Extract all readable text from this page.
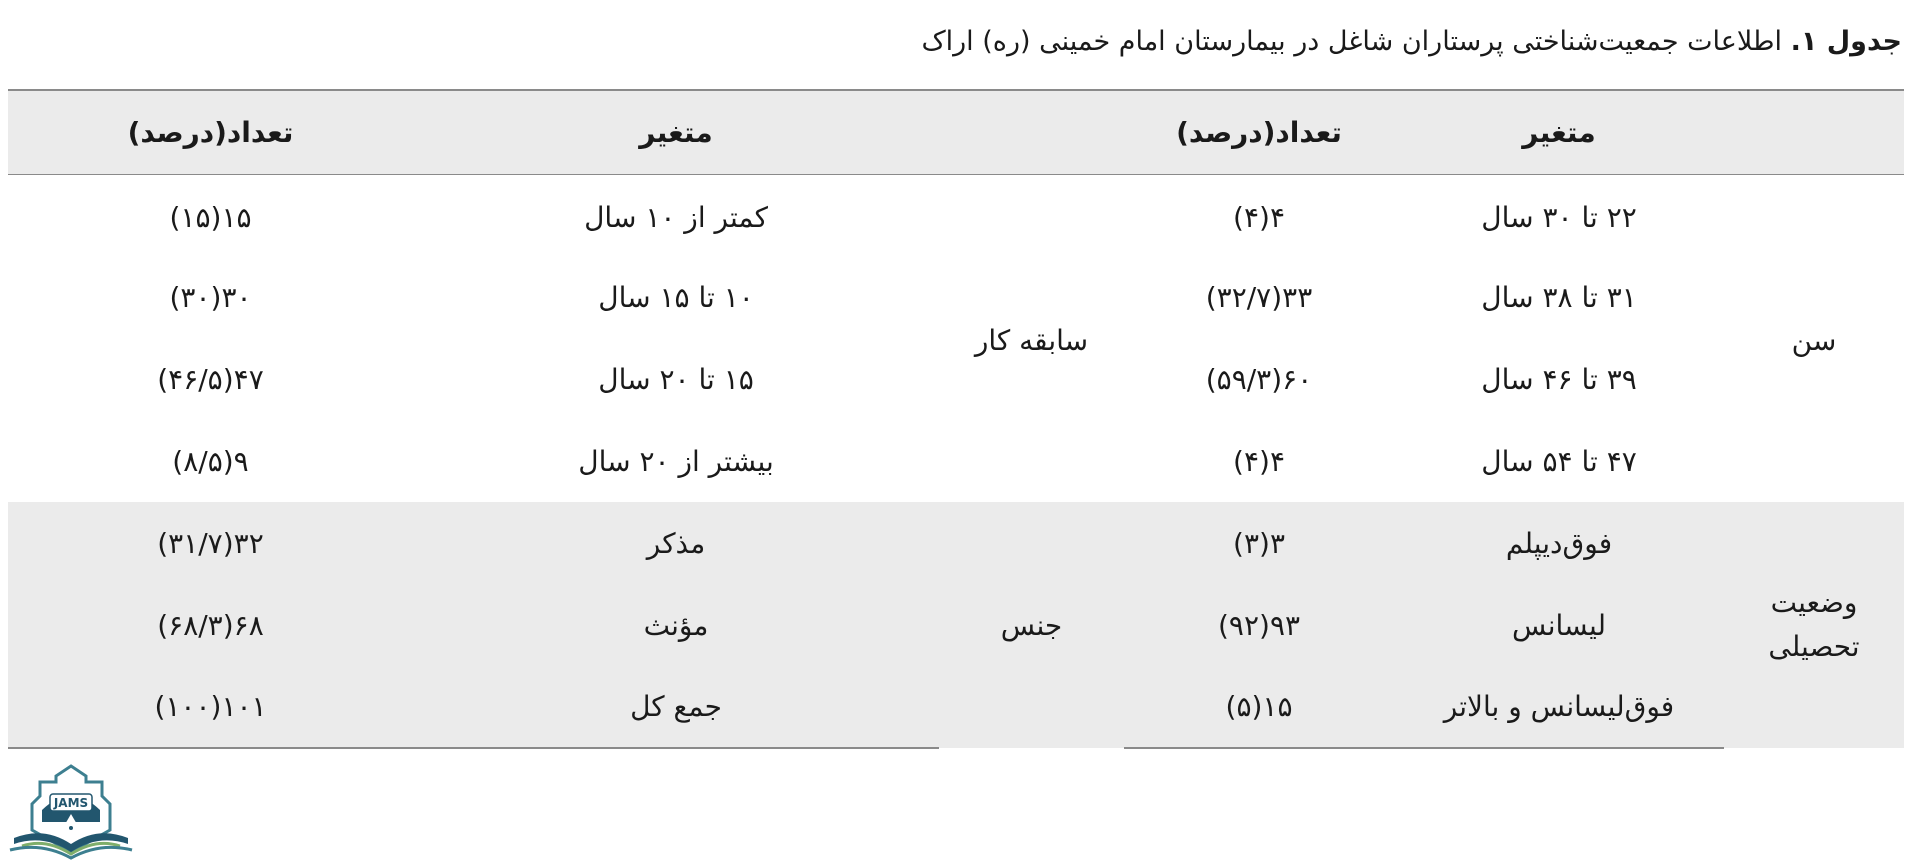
جدول ۱. اطلاعات جمعیت‌شناختی پرستاران شاغل در بیمارستان امام خمینی (ره) اراک
	متغیر	تعداد(درصد)		متغیر	تعداد(درصد)
سن	۲۲ تا ۳۰ سال	۴(۴)	سابقه کار	کمتر از ۱۰ سال	۱۵(۱۵)
	۳۱ تا ۳۸ سال	۳۳(۳۲/۷)		۱۰ تا ۱۵ سال	۳۰(۳۰)
	۳۹ تا ۴۶ سال	۶۰(۵۹/۳)		۱۵ تا ۲۰ سال	۴۷(۴۶/۵)
	۴۷ تا ۵۴ سال	۴(۴)		بیشتر از ۲۰ سال	۹(۸/۵)
وضعیت تحصیلی	فوق‌دیپلم	۳(۳)	جنس	مذکر	۳۲(۳۱/۷)
	لیسانس	۹۳(۹۲)		مؤنث	۶۸(۶۸/۳)
	فوق‌لیسانس و بالاتر	۱۵(۵)		جمع کل	۱۰۱(۱۰۰)
JAMS
